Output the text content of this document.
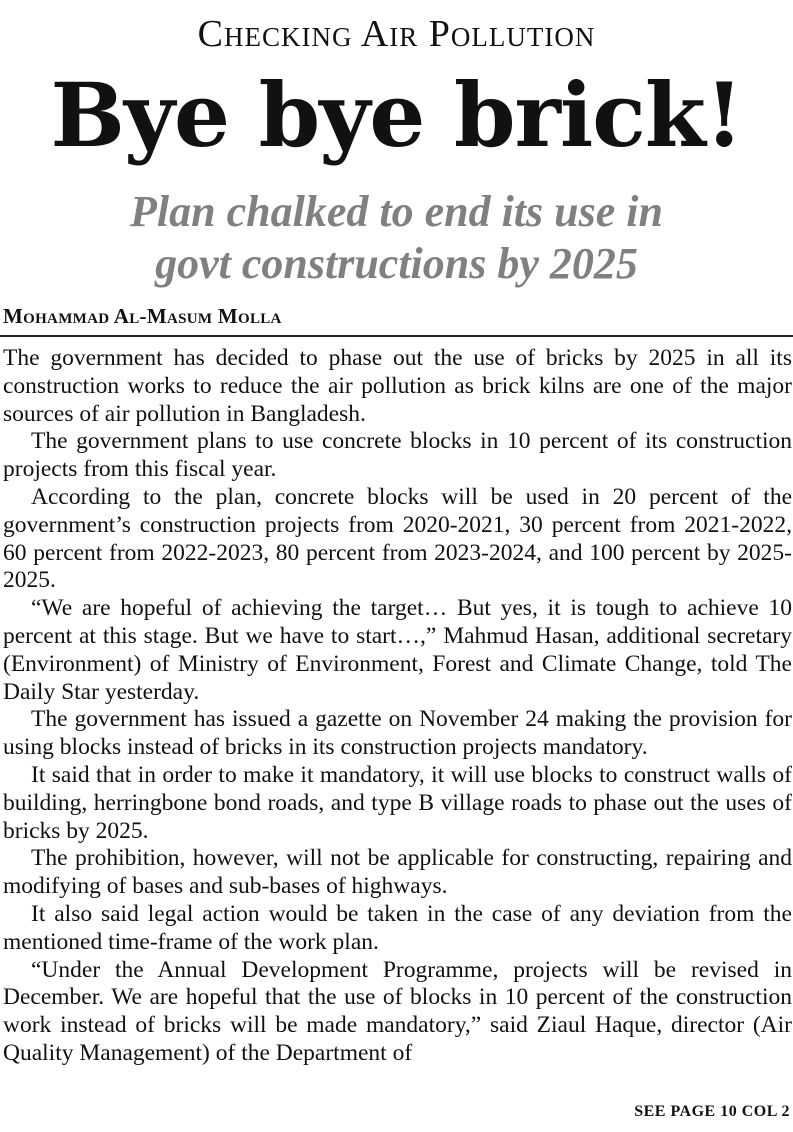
Checking Air Pollution
Bye bye brick!
Plan chalked to end its use in
govt constructions by 2025
Mohammad Al-Masum Molla

The government has decided to phase out the use of bricks by 2025 in all its construction works to reduce the air pollution as brick kilns are one of the major sources of air pollution in Bangladesh.

The government plans to use concrete blocks in 10 percent of its construction projects from this fiscal year.

According to the plan, concrete blocks will be used in 20 percent of the government’s construction projects from 2020-2021, 30 percent from 2021-2022, 60 percent from 2022-2023, 80 percent from 2023-2024, and 100 percent by 2025-2025.

“We are hopeful of achieving the target… But yes, it is tough to achieve 10 percent at this stage. But we have to start…,” Mahmud Hasan, additional secretary (Environment) of Ministry of Environment, Forest and Climate Change, told The Daily Star yesterday.

The government has issued a gazette on November 24 making the provision for using blocks instead of bricks in its construction projects mandatory.

It said that in order to make it mandatory, it will use blocks to construct walls of building, herringbone bond roads, and type B village roads to phase out the uses of bricks by 2025.

The prohibition, however, will not be applicable for constructing, repairing and modifying of bases and sub-bases of highways.

It also said legal action would be taken in the case of any deviation from the mentioned time-frame of the work plan.

“Under the Annual Development Programme, projects will be revised in December. We are hopeful that the use of blocks in 10 percent of the construction work instead of bricks will be made mandatory,” said Ziaul Haque, director (Air Quality Management) of the Department of

SEE PAGE 10 COL 2
